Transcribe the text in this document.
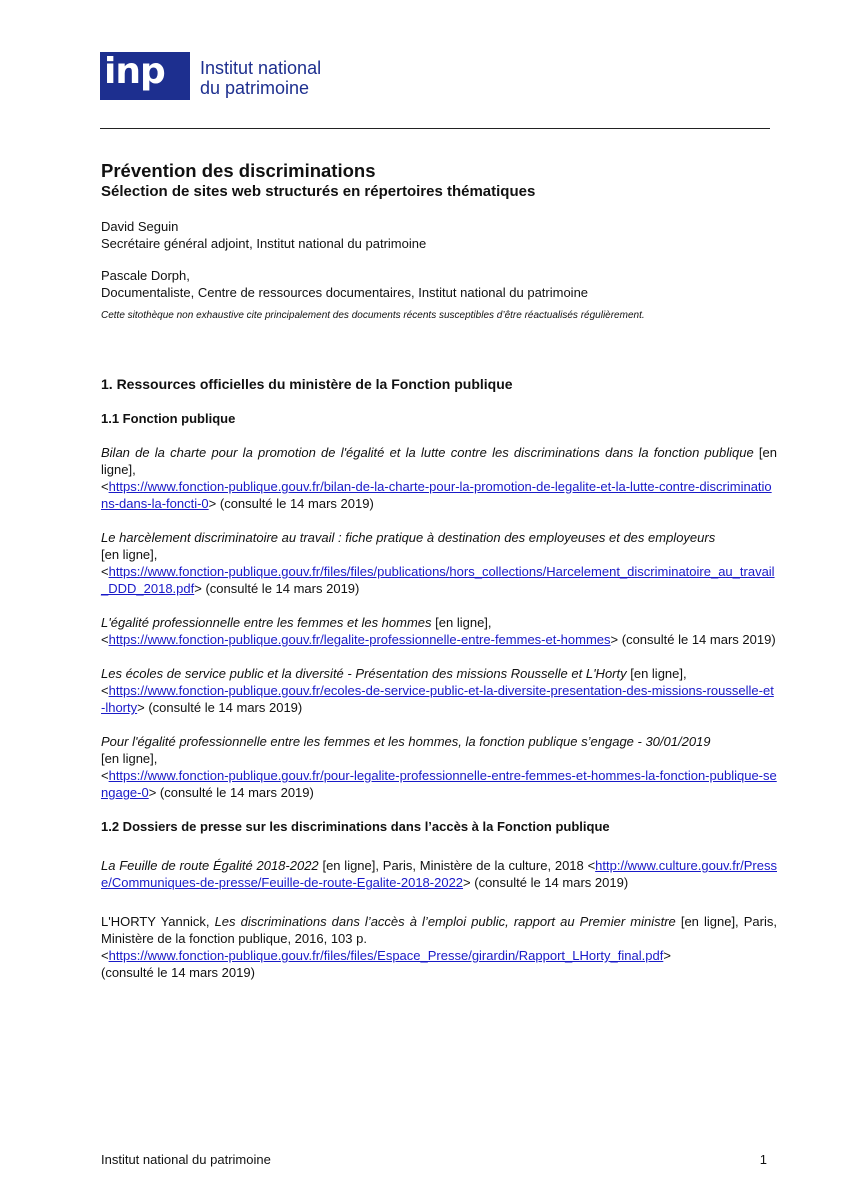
inp	Institut national
du patrimoine
Prévention des discriminations
Sélection de sites web structurés en répertoires thématiques

David Seguin

Secrétaire général adjoint, Institut national du patrimoine

Pascale Dorph,

Documentaliste, Centre de ressources documentaires, Institut national du patrimoine

Cette sitothèque non exhaustive cite principalement des documents récents susceptibles d’être réactualisés régulièrement.
1. Ressources officielles du ministère de la Fonction publique
1.1 Fonction publique
Bilan de la charte pour la promotion de l'égalité et la lutte contre les discriminations dans la fonction publique [en ligne],
<https://www.fonction-publique.gouv.fr/bilan-de-la-charte-pour-la-promotion-de-legalite-et-la-lutte-contre-discriminations-dans-la-foncti-0> (consulté le 14 mars 2019)
Le harcèlement discriminatoire au travail : fiche pratique à destination des employeuses et des employeurs
[en ligne],
<https://www.fonction-publique.gouv.fr/files/files/publications/hors_collections/Harcelement_discriminatoire_au_travail_DDD_2018.pdf> (consulté le 14 mars 2019)
L'égalité professionnelle entre les femmes et les hommes [en ligne],
<https://www.fonction-publique.gouv.fr/legalite-professionnelle-entre-femmes-et-hommes> (consulté le 14 mars 2019)
Les écoles de service public et la diversité - Présentation des missions Rousselle et L'Horty [en ligne],
<https://www.fonction-publique.gouv.fr/ecoles-de-service-public-et-la-diversite-presentation-des-missions-rousselle-et-lhorty> (consulté le 14 mars 2019)
Pour l'égalité professionnelle entre les femmes et les hommes, la fonction publique s’engage - 30/01/2019
[en ligne],
<https://www.fonction-publique.gouv.fr/pour-legalite-professionnelle-entre-femmes-et-hommes-la-fonction-publique-sengage-0> (consulté le 14 mars 2019)
1.2 Dossiers de presse sur les discriminations dans l’accès à la Fonction publique
La Feuille de route Égalité 2018-2022 [en ligne], Paris, Ministère de la culture, 2018 <http://www.culture.gouv.fr/Presse/Communiques-de-presse/Feuille-de-route-Egalite-2018-2022> (consulté le 14 mars 2019)
L'HORTY Yannick, Les discriminations dans l’accès à l’emploi public, rapport au Premier ministre [en ligne], Paris, Ministère de la fonction publique, 2016, 103 p.
<https://www.fonction-publique.gouv.fr/files/files/Espace_Presse/girardin/Rapport_LHorty_final.pdf>
(consulté le 14 mars 2019)
Institut national du patrimoine	1
